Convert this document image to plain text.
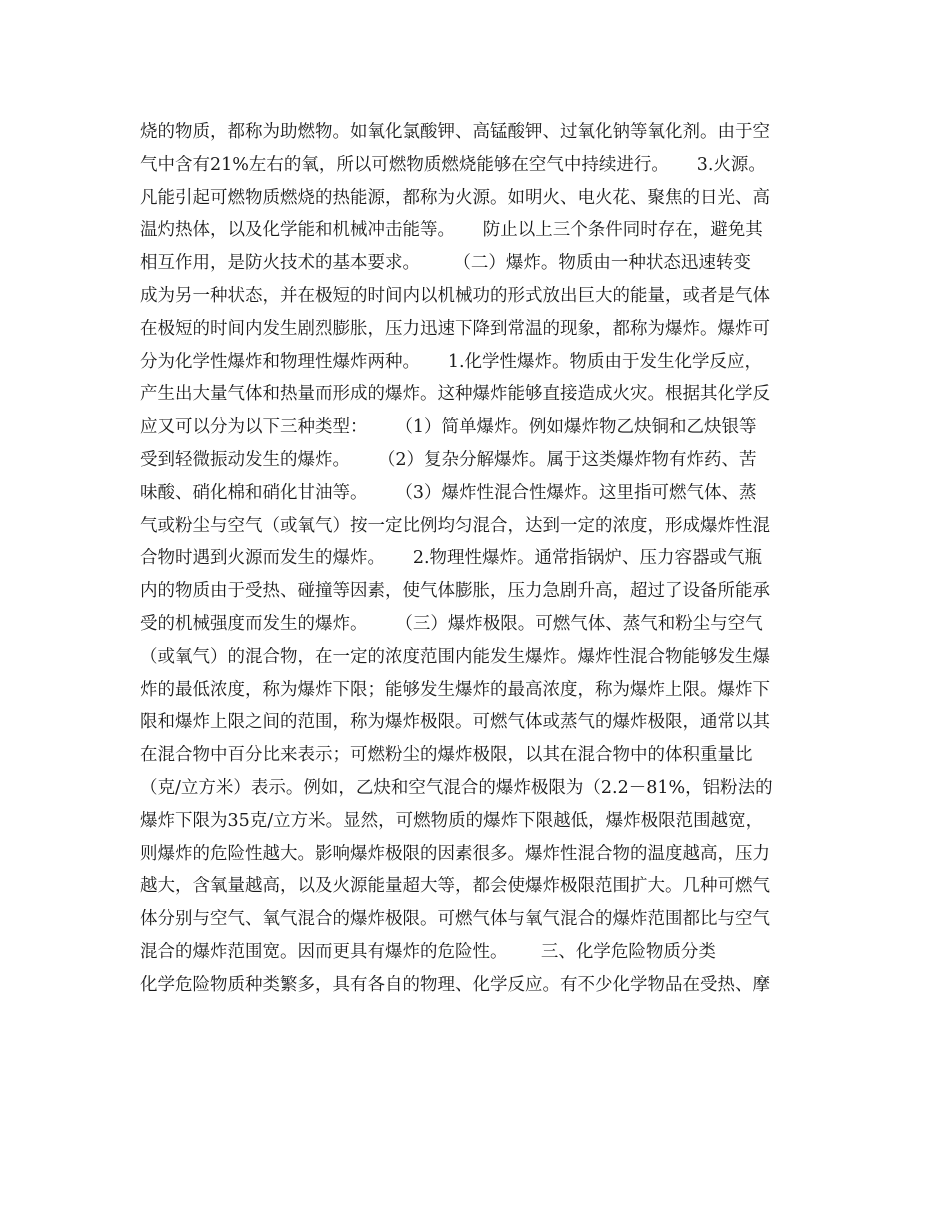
烧的物质，都称为助燃物。如氧化氯酸钾、高锰酸钾、过氧化钠等氧化剂。由于空
气中含有21%左右的氧，所以可燃物质燃烧能够在空气中持续进行。     3.火源。
凡能引起可燃物质燃烧的热能源，都称为火源。如明火、电火花、聚焦的日光、高
温灼热体，以及化学能和机械冲击能等。     防止以上三个条件同时存在，避免其
相互作用，是防火技术的基本要求。      （二）爆炸。物质由一种状态迅速转变
成为另一种状态，并在极短的时间内以机械功的形式放出巨大的能量，或者是气体
在极短的时间内发生剧烈膨胀，压力迅速下降到常温的现象，都称为爆炸。爆炸可
分为化学性爆炸和物理性爆炸两种。     1.化学性爆炸。物质由于发生化学反应，
产生出大量气体和热量而形成的爆炸。这种爆炸能够直接造成火灾。根据其化学反
应又可以分为以下三种类型：     （1）简单爆炸。例如爆炸物乙炔铜和乙炔银等
受到轻微振动发生的爆炸。     （2）复杂分解爆炸。属于这类爆炸物有炸药、苦
味酸、硝化棉和硝化甘油等。     （3）爆炸性混合性爆炸。这里指可燃气体、蒸
气或粉尘与空气（或氧气）按一定比例均匀混合，达到一定的浓度，形成爆炸性混
合物时遇到火源而发生的爆炸。     2.物理性爆炸。通常指锅炉、压力容器或气瓶
内的物质由于受热、碰撞等因素，使气体膨胀，压力急剧升高，超过了设备所能承
受的机械强度而发生的爆炸。     （三）爆炸极限。可燃气体、蒸气和粉尘与空气
（或氧气）的混合物，在一定的浓度范围内能发生爆炸。爆炸性混合物能够发生爆
炸的最低浓度，称为爆炸下限；能够发生爆炸的最高浓度，称为爆炸上限。爆炸下
限和爆炸上限之间的范围，称为爆炸极限。可燃气体或蒸气的爆炸极限，通常以其
在混合物中百分比来表示；可燃粉尘的爆炸极限，以其在混合物中的体积重量比
（克/立方米）表示。例如，乙炔和空气混合的爆炸极限为（2.2－81%，铝粉法的
爆炸下限为35克/立方米。显然，可燃物质的爆炸下限越低，爆炸极限范围越宽，
则爆炸的危险性越大。影响爆炸极限的因素很多。爆炸性混合物的温度越高，压力
越大，含氧量越高，以及火源能量超大等，都会使爆炸极限范围扩大。几种可燃气
体分别与空气、氧气混合的爆炸极限。可燃气体与氧气混合的爆炸范围都比与空气
混合的爆炸范围宽。因而更具有爆炸的危险性。      三、化学危险物质分类
化学危险物质种类繁多，具有各自的物理、化学反应。有不少化学物品在受热、摩
